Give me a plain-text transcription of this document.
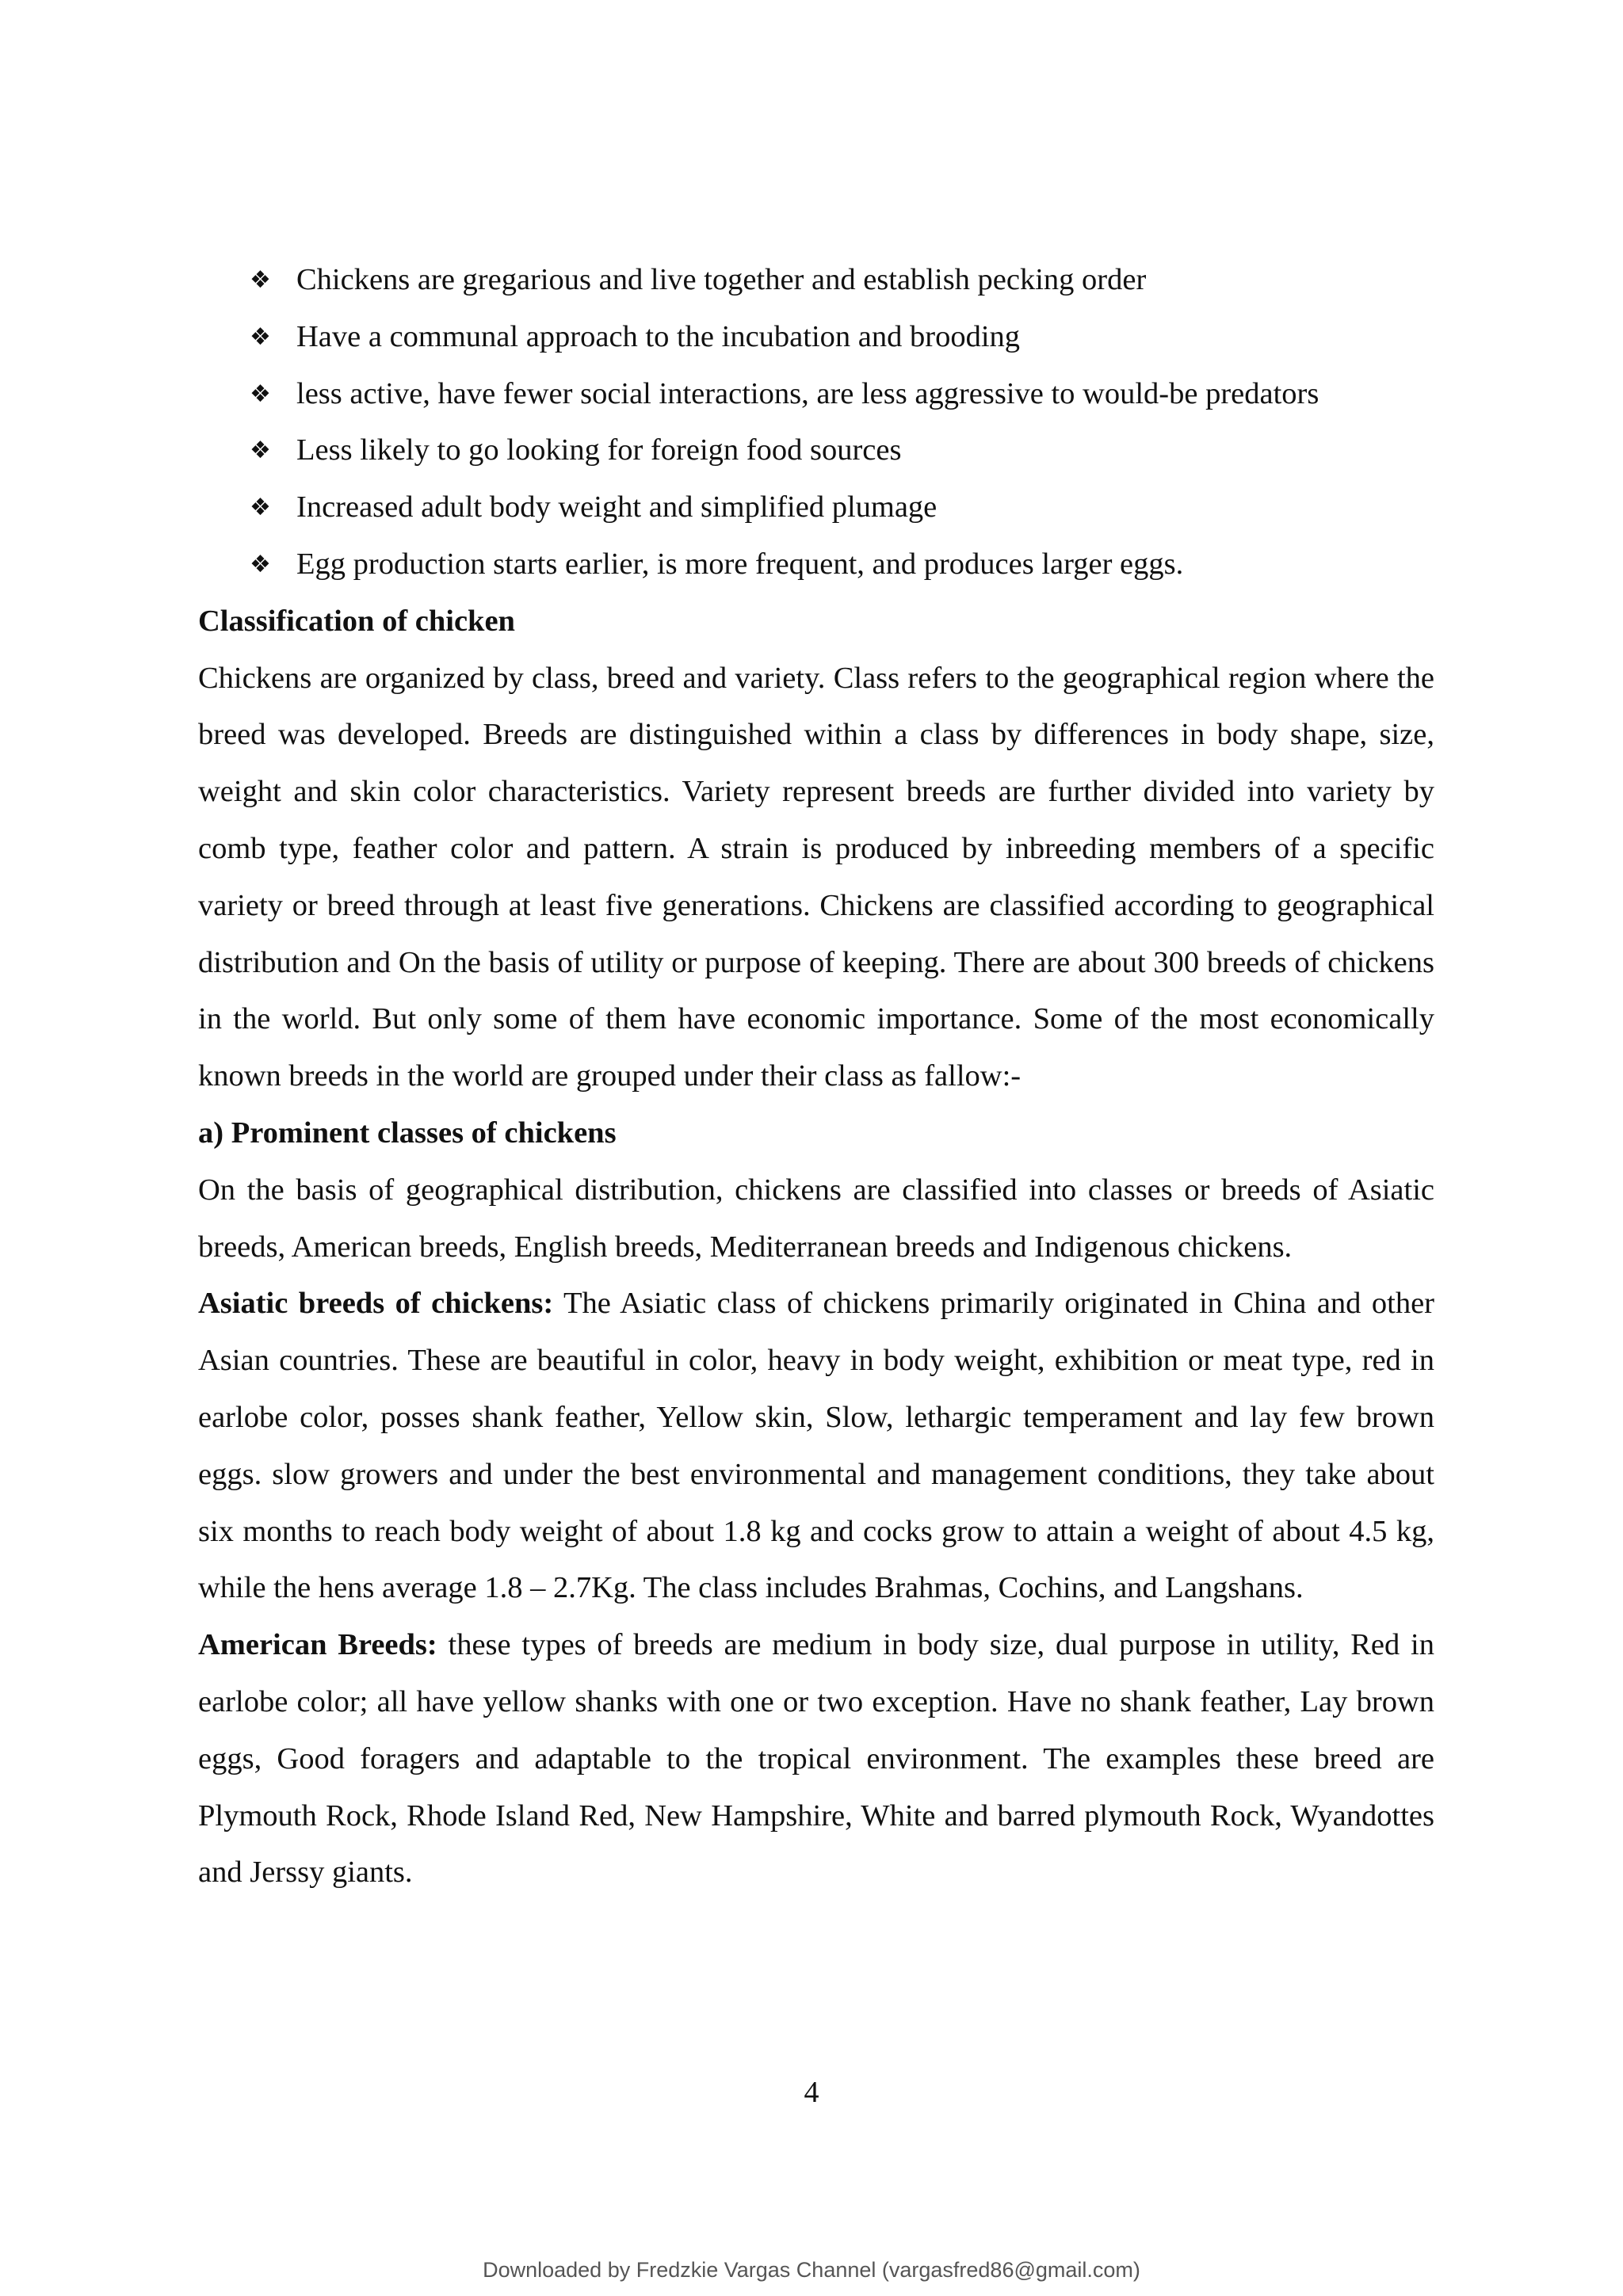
❖ Chickens are gregarious and live together and establish pecking order
❖ Have a communal approach to the incubation and brooding
❖ less active, have fewer social interactions, are less aggressive to would-be predators
❖ Less likely to go looking for foreign food sources
❖ Increased adult body weight and simplified plumage
❖ Egg production starts earlier, is more frequent, and produces larger eggs.
Classification of chicken

Chickens are organized by class, breed and variety. Class refers to the geographical region where the breed was developed. Breeds are distinguished within a class by differences in body shape, size, weight and skin color characteristics. Variety represent breeds are further divided into variety by comb type, feather color and pattern. A strain is produced by inbreeding members of a specific variety or breed through at least five generations. Chickens are classified according to geographical distribution and On the basis of utility or purpose of keeping. There are about 300 breeds of chickens in the world. But only some of them have economic importance. Some of the most economically known breeds in the world are grouped under their class as fallow:-

a) Prominent classes of chickens

On the basis of geographical distribution, chickens are classified into classes or breeds of Asiatic breeds, American breeds, English breeds, Mediterranean breeds and Indigenous chickens.

Asiatic breeds of chickens: The Asiatic class of chickens primarily originated in China and other Asian countries. These are beautiful in color, heavy in body weight, exhibition or meat type, red in earlobe color, posses shank feather, Yellow skin, Slow, lethargic temperament and lay few brown eggs. slow growers and under the best environmental and management conditions, they take about six months to reach body weight of about 1.8 kg and cocks grow to attain a weight of about 4.5 kg, while the hens average 1.8 – 2.7Kg. The class includes Brahmas, Cochins, and Langshans.

American Breeds: these types of breeds are medium in body size, dual purpose in utility, Red in earlobe color; all have yellow shanks with one or two exception. Have no shank feather, Lay brown eggs, Good foragers and adaptable to the tropical environment. The examples these breed are Plymouth Rock, Rhode Island Red, New Hampshire, White and barred plymouth Rock, Wyandottes and Jerssy giants.

4
Downloaded by Fredzkie Vargas Channel (vargasfred86@gmail.com)
